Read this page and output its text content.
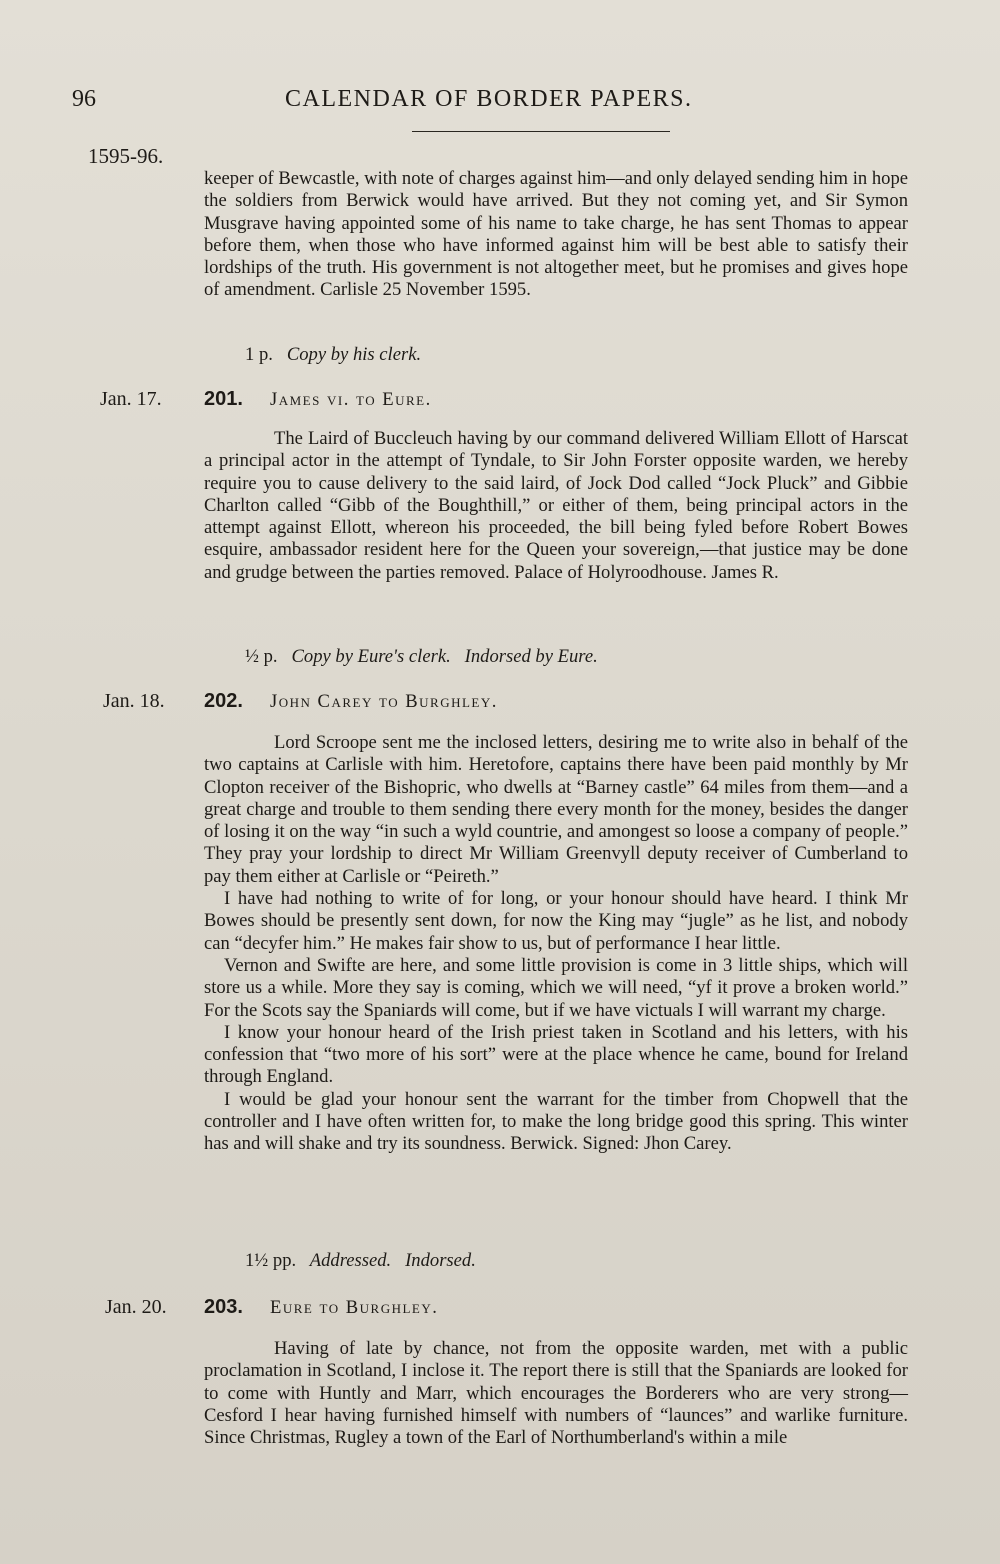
96	CALENDAR OF BORDER PAPERS.
1595-96.

keeper of Bewcastle, with note of charges against him—and only delayed sending him in hope the soldiers from Berwick would have arrived. But they not coming yet, and Sir Symon Musgrave having appointed some of his name to take charge, he has sent Thomas to appear before them, when those who have informed against him will be best able to satisfy their lordships of the truth. His government is not altogether meet, but he promises and gives hope of amendment. Carlisle 25 November 1595.

1 p. Copy by his clerk.
Jan. 17. 201. James vi. to Eure.

The Laird of Buccleuch having by our command delivered William Ellott of Harscat a principal actor in the attempt of Tyndale, to Sir John Forster opposite warden, we hereby require you to cause delivery to the said laird, of Jock Dod called “Jock Pluck” and Gibbie Charlton called “Gibb of the Boughthill,” or either of them, being principal actors in the attempt against Ellott, whereon his proceeded, the bill being fyled before Robert Bowes esquire, ambassador resident here for the Queen your sovereign,—that justice may be done and grudge between the parties removed. Palace of Holyroodhouse. James R.

½ p. Copy by Eure's clerk.   Indorsed by Eure.
Jan. 18. 202. John Carey to Burghley.

Lord Scroope sent me the inclosed letters, desiring me to write also in behalf of the two captains at Carlisle with him. Heretofore, captains there have been paid monthly by Mr Clopton receiver of the Bishopric, who dwells at “Barney castle” 64 miles from them—and a great charge and trouble to them sending there every month for the money, besides the danger of losing it on the way “in such a wyld countrie, and amongest so loose a company of people.” They pray your lordship to direct Mr William Greenvyll deputy receiver of Cumberland to pay them either at Carlisle or “Peireth.”

I have had nothing to write of for long, or your honour should have heard. I think Mr Bowes should be presently sent down, for now the King may “jugle” as he list, and nobody can “decyfer him.” He makes fair show to us, but of performance I hear little.

Vernon and Swifte are here, and some little provision is come in 3 little ships, which will store us a while. More they say is coming, which we will need, “yf it prove a broken world.” For the Scots say the Spaniards will come, but if we have victuals I will warrant my charge.

I know your honour heard of the Irish priest taken in Scotland and his letters, with his confession that “two more of his sort” were at the place whence he came, bound for Ireland through England.

I would be glad your honour sent the warrant for the timber from Chopwell that the controller and I have often written for, to make the long bridge good this spring. This winter has and will shake and try its soundness. Berwick. Signed: Jhon Carey.

1½ pp. Addressed.   Indorsed.
Jan. 20. 203. Eure to Burghley.

Having of late by chance, not from the opposite warden, met with a public proclamation in Scotland, I inclose it. The report there is still that the Spaniards are looked for to come with Huntly and Marr, which encourages the Borderers who are very strong—Cesford I hear having furnished himself with numbers of “launces” and warlike furniture. Since Christmas, Rugley a town of the Earl of Northumberland's within a mile
